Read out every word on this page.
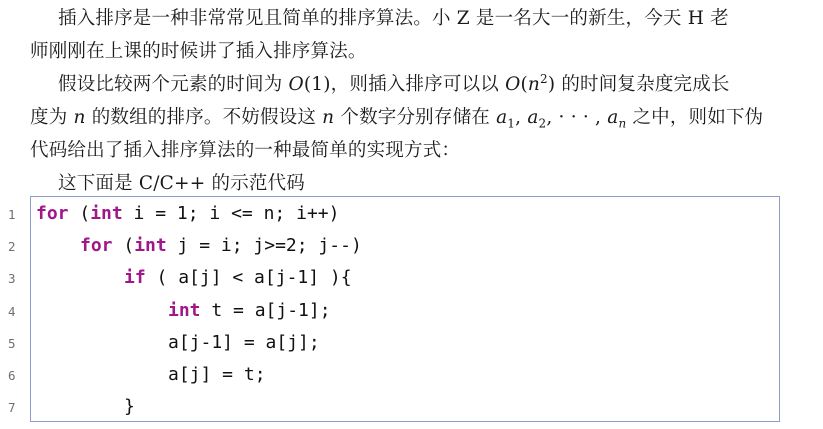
插入排序是一种非常常见且简单的排序算法。小 Z 是一名大一的新生，今天 H 老
师刚刚在上课的时候讲了插入排序算法。
假设比较两个元素的时间为 O(1)，则插入排序可以以 $O(n^2)$ 的时间复杂度完成长
度为 n 的数组的排序。不妨假设这 n 个数字分别存储在 $a_1$, $a_2$, · · · , $a_n$ 之中，则如下伪
代码给出了插入排序算法的一种最简单的实现方式：
这下面是 C/C++ 的示范代码
1 for (int i = 1; i <= n; i++)
2	for (int j = i; j>=2; j--)
3	if ( a[j] < a[j-1] ){
4	int t = a[j-1];
5	a[j-1] = a[j];
6	a[j] = t;
7	}
